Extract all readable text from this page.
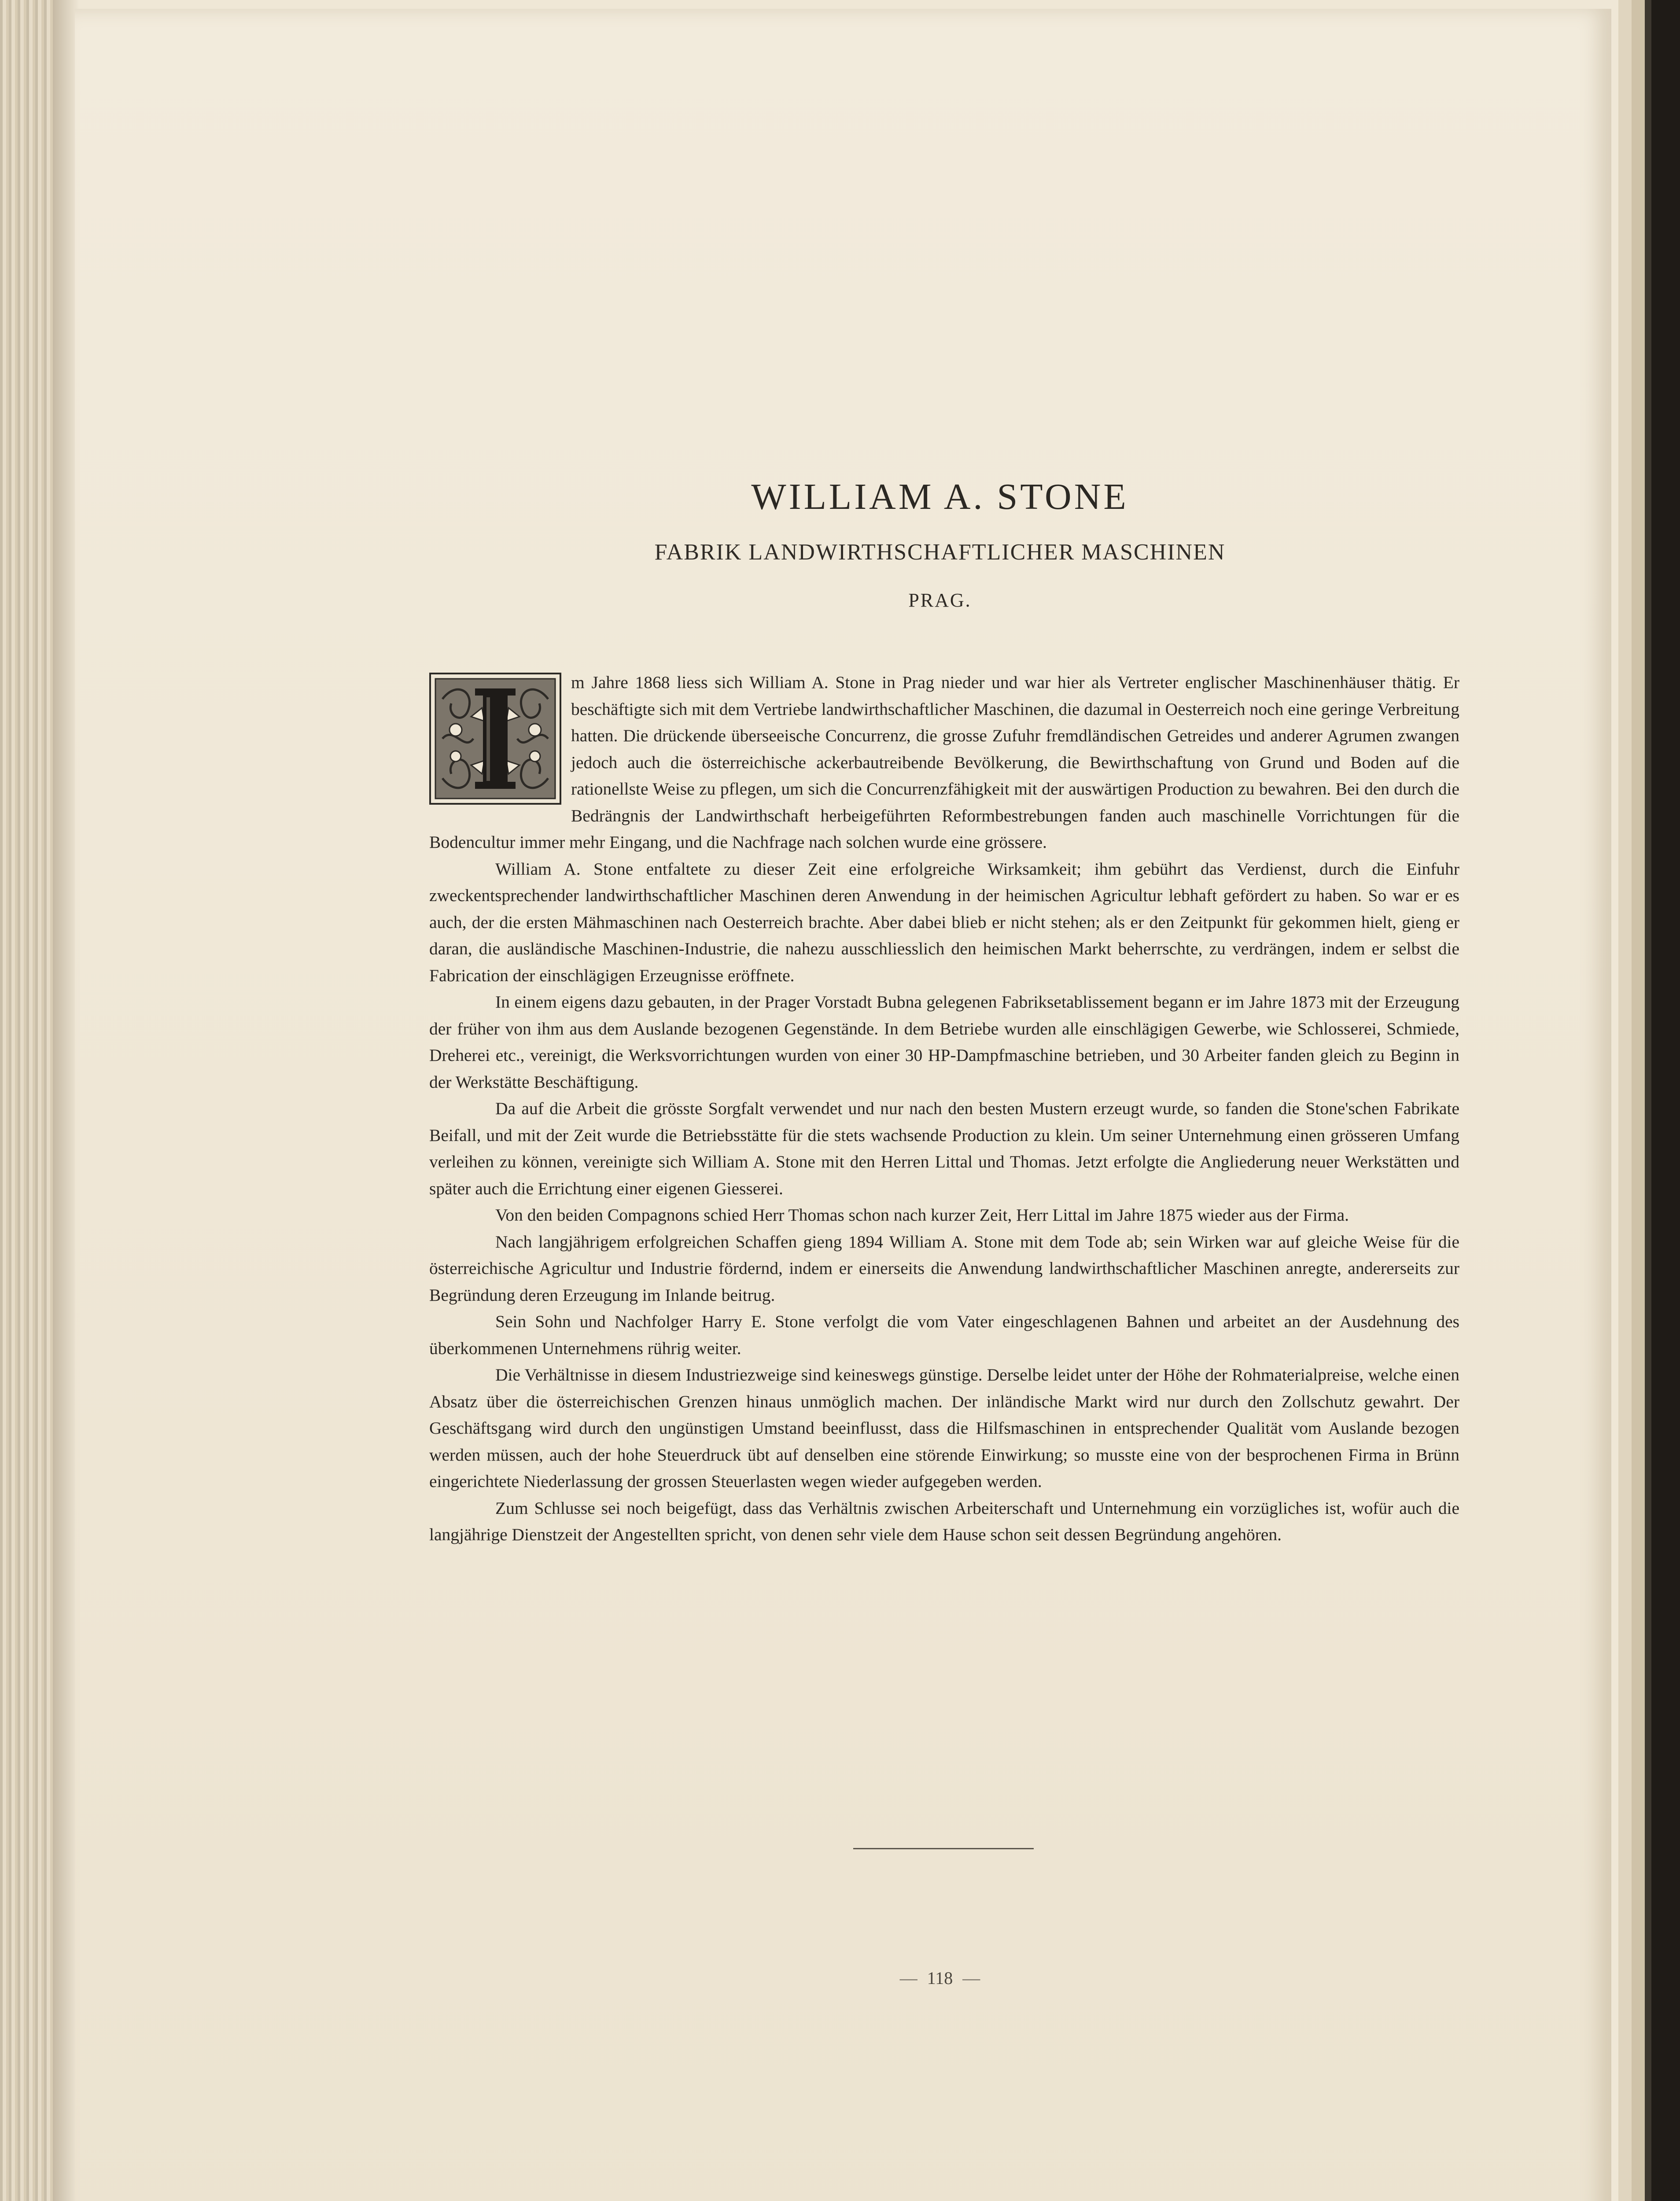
WILLIAM A. STONE
FABRIK LANDWIRTHSCHAFTLICHER MASCHINEN
PRAG.

m Jahre 1868 liess sich William A. Stone in Prag nieder und war hier als Vertreter englischer Maschinenhäuser thätig. Er beschäftigte sich mit dem Vertriebe landwirthschaftlicher Maschinen, die dazumal in Oesterreich noch eine geringe Verbreitung hatten. Die drückende überseeische Concurrenz, die grosse Zufuhr fremdländischen Getreides und anderer Agrumen zwangen jedoch auch die österreichische ackerbautreibende Bevölkerung, die Bewirthschaftung von Grund und Boden auf die rationellste Weise zu pflegen, um sich die Concurrenzfähigkeit mit der auswärtigen Production zu bewahren. Bei den durch die Bedrängnis der Landwirthschaft herbeigeführten Reformbestrebungen fanden auch maschinelle Vorrichtungen für die Bodencultur immer mehr Eingang, und die Nachfrage nach solchen wurde eine grössere.

William A. Stone entfaltete zu dieser Zeit eine erfolgreiche Wirksamkeit; ihm gebührt das Verdienst, durch die Einfuhr zweckentsprechender landwirthschaftlicher Maschinen deren Anwendung in der heimischen Agricultur lebhaft gefördert zu haben. So war er es auch, der die ersten Mähmaschinen nach Oesterreich brachte. Aber dabei blieb er nicht stehen; als er den Zeitpunkt für gekommen hielt, gieng er daran, die ausländische Maschinen-Industrie, die nahezu ausschliesslich den heimischen Markt beherrschte, zu verdrängen, indem er selbst die Fabrication der einschlägigen Erzeugnisse eröffnete.

In einem eigens dazu gebauten, in der Prager Vorstadt Bubna gelegenen Fabriksetablissement begann er im Jahre 1873 mit der Erzeugung der früher von ihm aus dem Auslande bezogenen Gegenstände. In dem Betriebe wurden alle einschlägigen Gewerbe, wie Schlosserei, Schmiede, Dreherei etc., vereinigt, die Werksvorrichtungen wurden von einer 30 HP-Dampfmaschine betrieben, und 30 Arbeiter fanden gleich zu Beginn in der Werkstätte Beschäftigung.

Da auf die Arbeit die grösste Sorgfalt verwendet und nur nach den besten Mustern erzeugt wurde, so fanden die Stone'schen Fabrikate Beifall, und mit der Zeit wurde die Betriebsstätte für die stets wachsende Production zu klein. Um seiner Unternehmung einen grösseren Umfang verleihen zu können, vereinigte sich William A. Stone mit den Herren Littal und Thomas. Jetzt erfolgte die Angliederung neuer Werkstätten und später auch die Errichtung einer eigenen Giesserei.

Von den beiden Compagnons schied Herr Thomas schon nach kurzer Zeit, Herr Littal im Jahre 1875 wieder aus der Firma.

Nach langjährigem erfolgreichen Schaffen gieng 1894 William A. Stone mit dem Tode ab; sein Wirken war auf gleiche Weise für die österreichische Agricultur und Industrie fördernd, indem er einerseits die Anwendung landwirthschaftlicher Maschinen anregte, andererseits zur Begründung deren Erzeugung im Inlande beitrug.

Sein Sohn und Nachfolger Harry E. Stone verfolgt die vom Vater eingeschlagenen Bahnen und arbeitet an der Ausdehnung des überkommenen Unternehmens rührig weiter.

Die Verhältnisse in diesem Industriezweige sind keineswegs günstige. Derselbe leidet unter der Höhe der Rohmaterialpreise, welche einen Absatz über die österreichischen Grenzen hinaus unmöglich machen. Der inländische Markt wird nur durch den Zollschutz gewahrt. Der Geschäftsgang wird durch den ungünstigen Umstand beeinflusst, dass die Hilfsmaschinen in entsprechender Qualität vom Auslande bezogen werden müssen, auch der hohe Steuerdruck übt auf denselben eine störende Einwirkung; so musste eine von der besprochenen Firma in Brünn eingerichtete Niederlassung der grossen Steuerlasten wegen wieder aufgegeben werden.

Zum Schlusse sei noch beigefügt, dass das Verhältnis zwischen Arbeiterschaft und Unternehmung ein vorzügliches ist, wofür auch die langjährige Dienstzeit der Angestellten spricht, von denen sehr viele dem Hause schon seit dessen Begründung angehören.

— 118 —
